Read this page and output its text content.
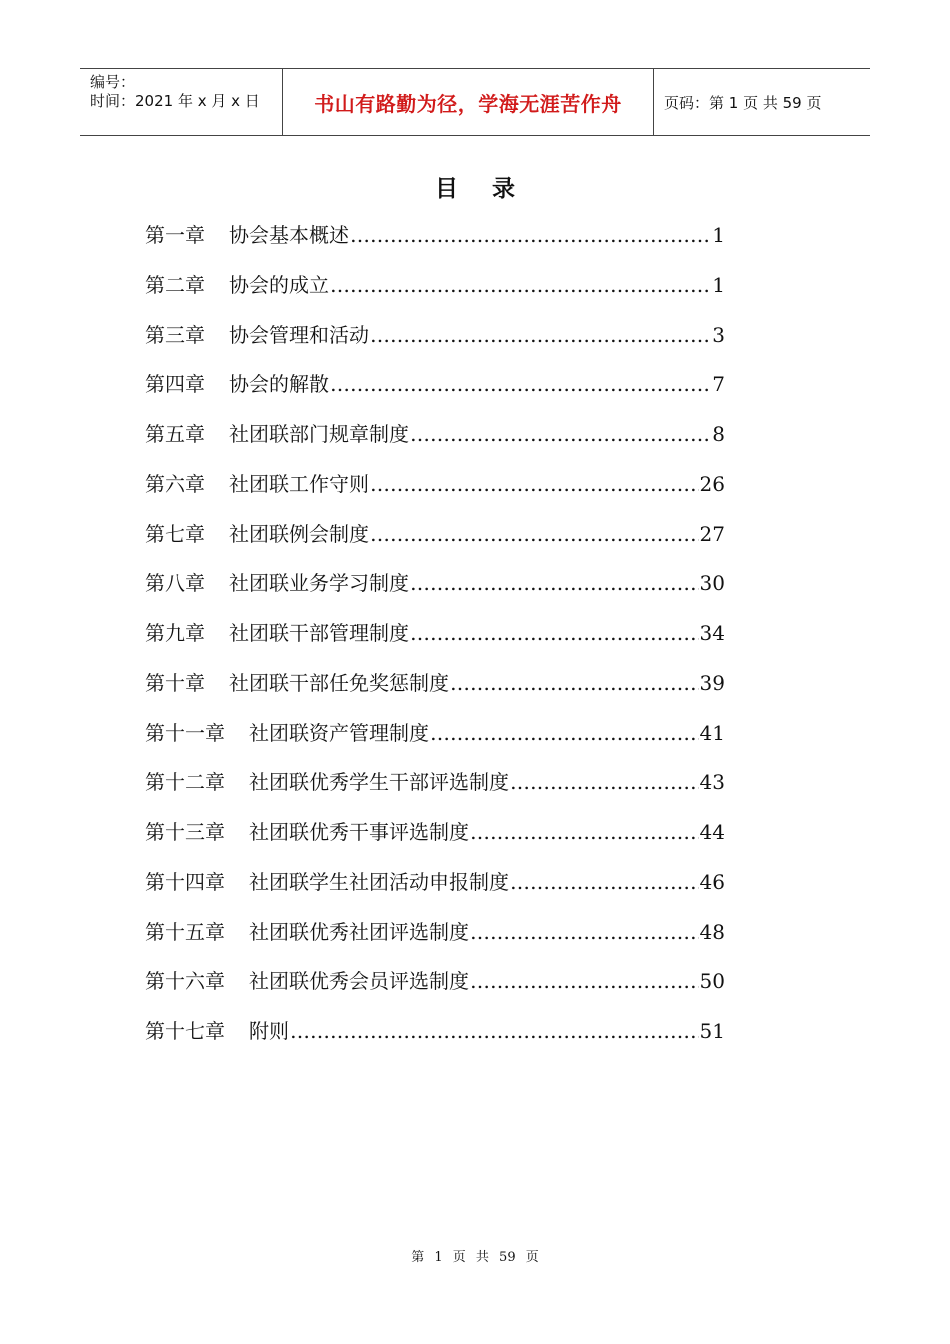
编号：
时间：2021 年 x 月 x 日	书山有路勤为径，学海无涯苦作舟	页码：第 1 页 共 59 页
目录
第一章	协会基本概述 ……………………………………………………………………………………………………………………………………………………	1
第二章	协会的成立 ……………………………………………………………………………………………………………………………………………………	1
第三章	协会管理和活动 ……………………………………………………………………………………………………………………………………………………	3
第四章	协会的解散 ……………………………………………………………………………………………………………………………………………………	7
第五章	社团联部门规章制度 ……………………………………………………………………………………………………………………………………………………	8
第六章	社团联工作守则 ……………………………………………………………………………………………………………………………………………………	26
第七章	社团联例会制度 ……………………………………………………………………………………………………………………………………………………	27
第八章	社团联业务学习制度 ……………………………………………………………………………………………………………………………………………………	30
第九章	社团联干部管理制度 ……………………………………………………………………………………………………………………………………………………	34
第十章	社团联干部任免奖惩制度 ……………………………………………………………………………………………………………………………………………………	39
第十一章	社团联资产管理制度 ……………………………………………………………………………………………………………………………………………………	41
第十二章	社团联优秀学生干部评选制度 ……………………………………………………………………………………………………………………………………………………	43
第十三章	社团联优秀干事评选制度 ……………………………………………………………………………………………………………………………………………………	44
第十四章	社团联学生社团活动申报制度 ……………………………………………………………………………………………………………………………………………………	46
第十五章	社团联优秀社团评选制度 ……………………………………………………………………………………………………………………………………………………	48
第十六章	社团联优秀会员评选制度 ……………………………………………………………………………………………………………………………………………………	50
第十七章	附则 ……………………………………………………………………………………………………………………………………………………	51
第 1 页 共 59 页
